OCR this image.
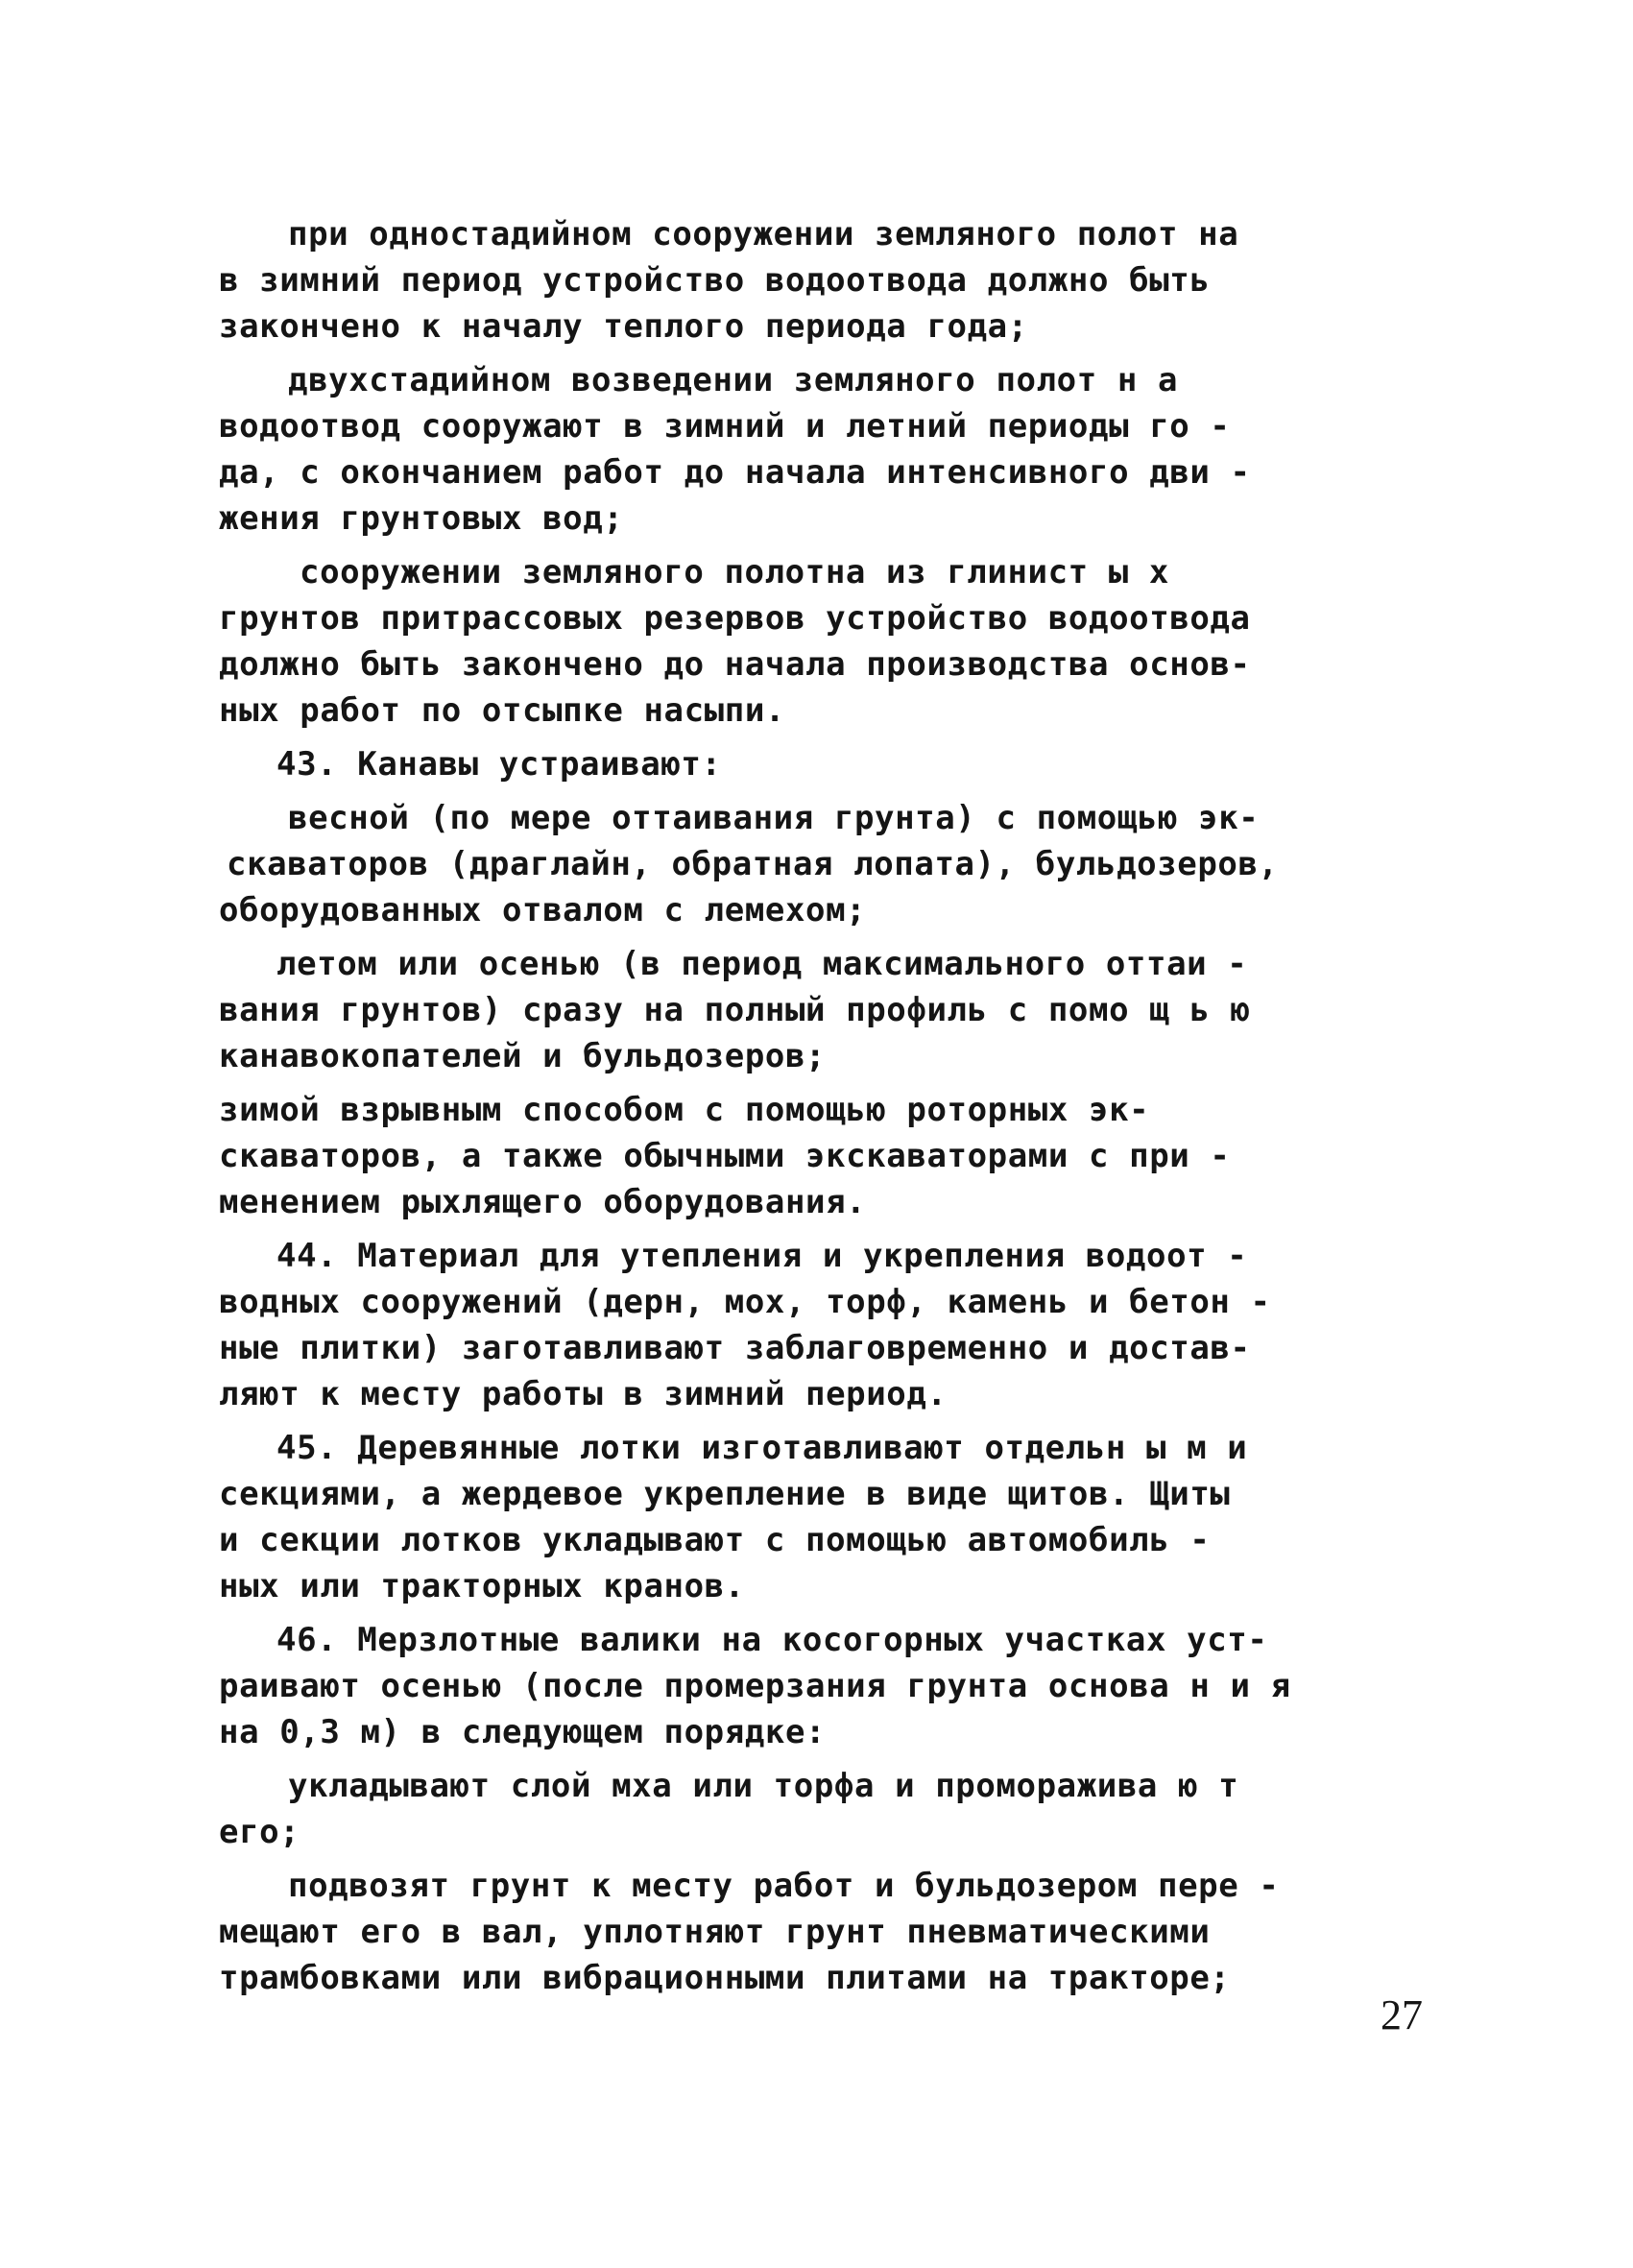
при одностадийном сооружении земляного полот на
в зимний период устройство водоотвода должно быть
закончено к началу теплого периода года;
двухстадийном возведении земляного полот н а
водоотвод сооружают в зимний и летний периоды го -
да, с окончанием работ до начала интенсивного дви -
жения грунтовых вод;
сооружении земляного полотна из глинист ы х
грунтов притрассовых резервов устройство водоотвода
должно быть закончено до начала производства основ-
ных работ по отсыпке насыпи.
43. Канавы устраивают:
весной (по мере оттаивания грунта) с помощью эк-
скаваторов (драглайн, обратная лопата), бульдозеров,
оборудованных отвалом с лемехом;
летом или осенью (в период максимального оттаи -
вания грунтов) сразу на полный профиль с помо щ ь ю
канавокопателей и бульдозеров;
зимой взрывным способом с помощью роторных эк-
скаваторов, а также обычными экскаваторами с при -
менением рыхлящего оборудования.
44. Материал для утепления и укрепления водоот -
водных сооружений (дерн, мох, торф, камень и бетон -
ные плитки) заготавливают заблаговременно и достав-
ляют к месту работы в зимний период.
45. Деревянные лотки изготавливают отдельн ы м и
секциями, а жердевое укрепление в виде щитов. Щиты
и секции лотков укладывают с помощью автомобиль -
ных или тракторных кранов.
46. Мерзлотные валики на косогорных участках уст-
раивают осенью (после промерзания грунта основа н и я
на 0,3 м) в следующем порядке:
укладывают слой мха или торфа и проморажива ю т
его;
подвозят грунт к месту работ и бульдозером пере -
мещают его в вал, уплотняют грунт пневматическими
трамбовками или вибрационными плитами на тракторе;
27
